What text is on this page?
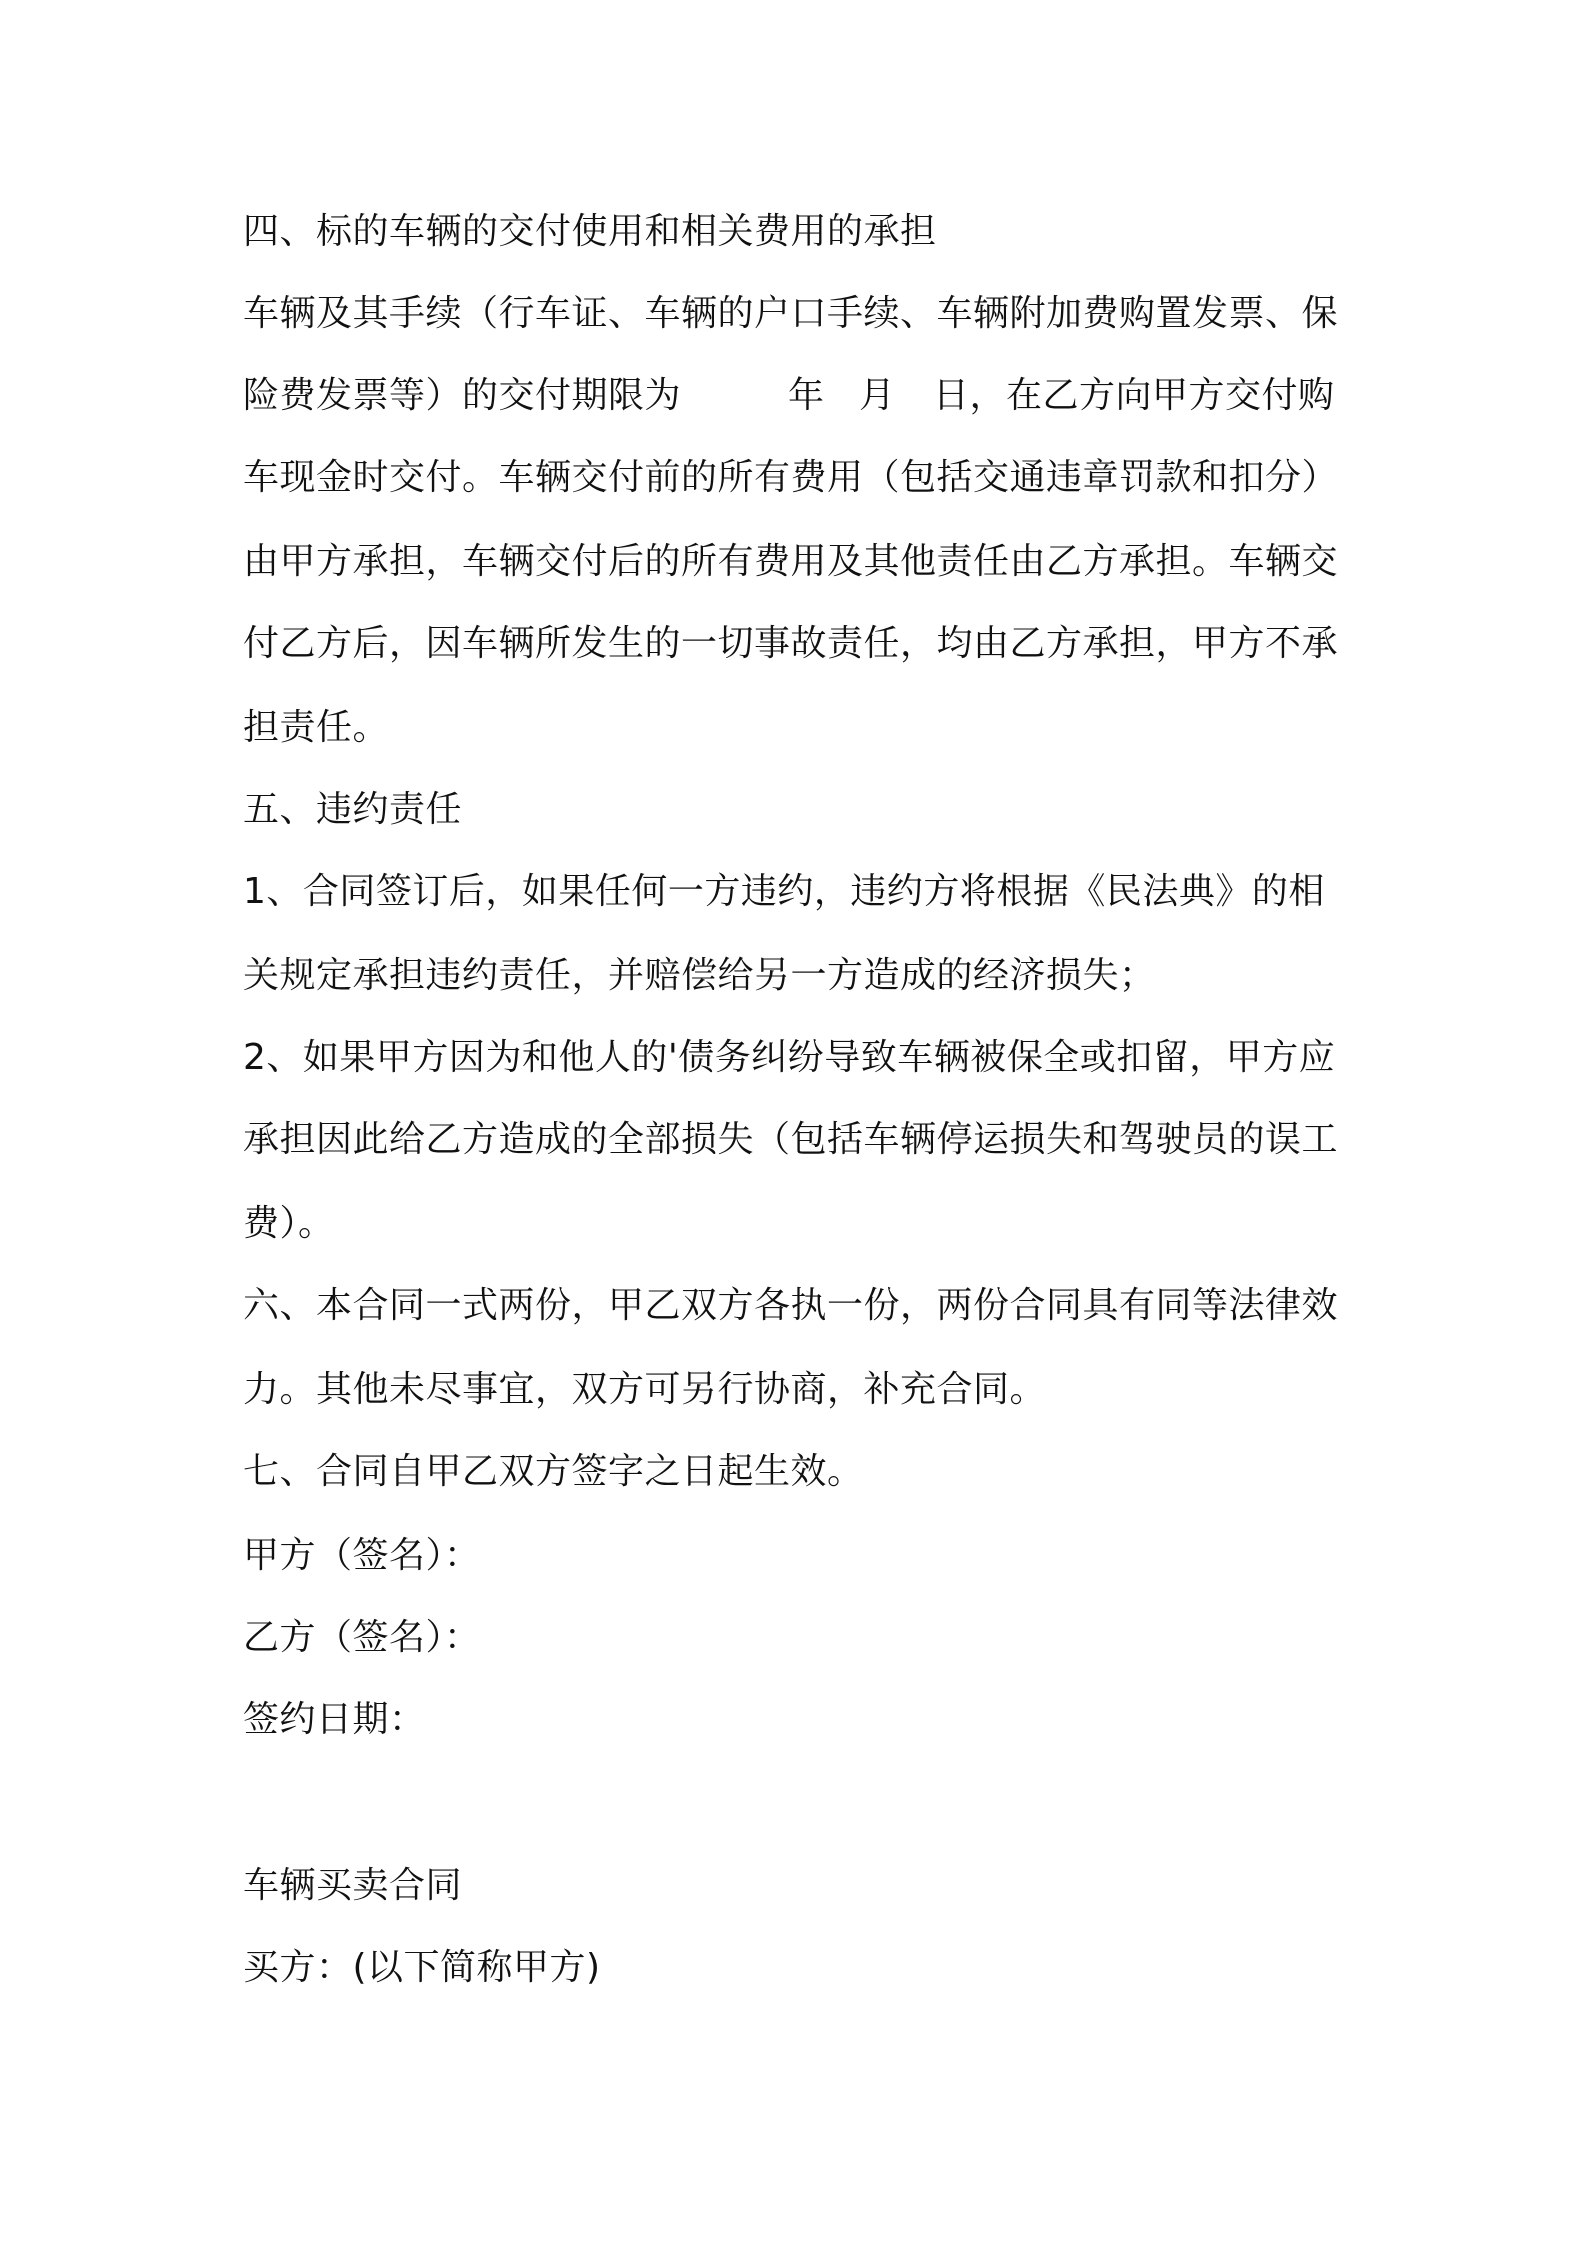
四、标的车辆的交付使用和相关费用的承担

车辆及其手续（行车证、车辆的户口手续、车辆附加费购置发票、保

险费发票等）的交付期限为	年 月 日，在乙方向甲方交付购

车现金时交付。车辆交付前的所有费用（包括交通违章罚款和扣分）

由甲方承担，车辆交付后的所有费用及其他责任由乙方承担。车辆交

付乙方后，因车辆所发生的一切事故责任，均由乙方承担，甲方不承

担责任。

五、违约责任

1、合同签订后，如果任何一方违约，违约方将根据《民法典》的相

关规定承担违约责任，并赔偿给另一方造成的经济损失；

2、如果甲方因为和他人的'债务纠纷导致车辆被保全或扣留，甲方应

承担因此给乙方造成的全部损失（包括车辆停运损失和驾驶员的误工

费）。

六、本合同一式两份，甲乙双方各执一份，两份合同具有同等法律效

力。其他未尽事宜，双方可另行协商，补充合同。

七、合同自甲乙双方签字之日起生效。

甲方（签名）：

乙方（签名）：

签约日期：

车辆买卖合同

买方：(以下简称甲方)
